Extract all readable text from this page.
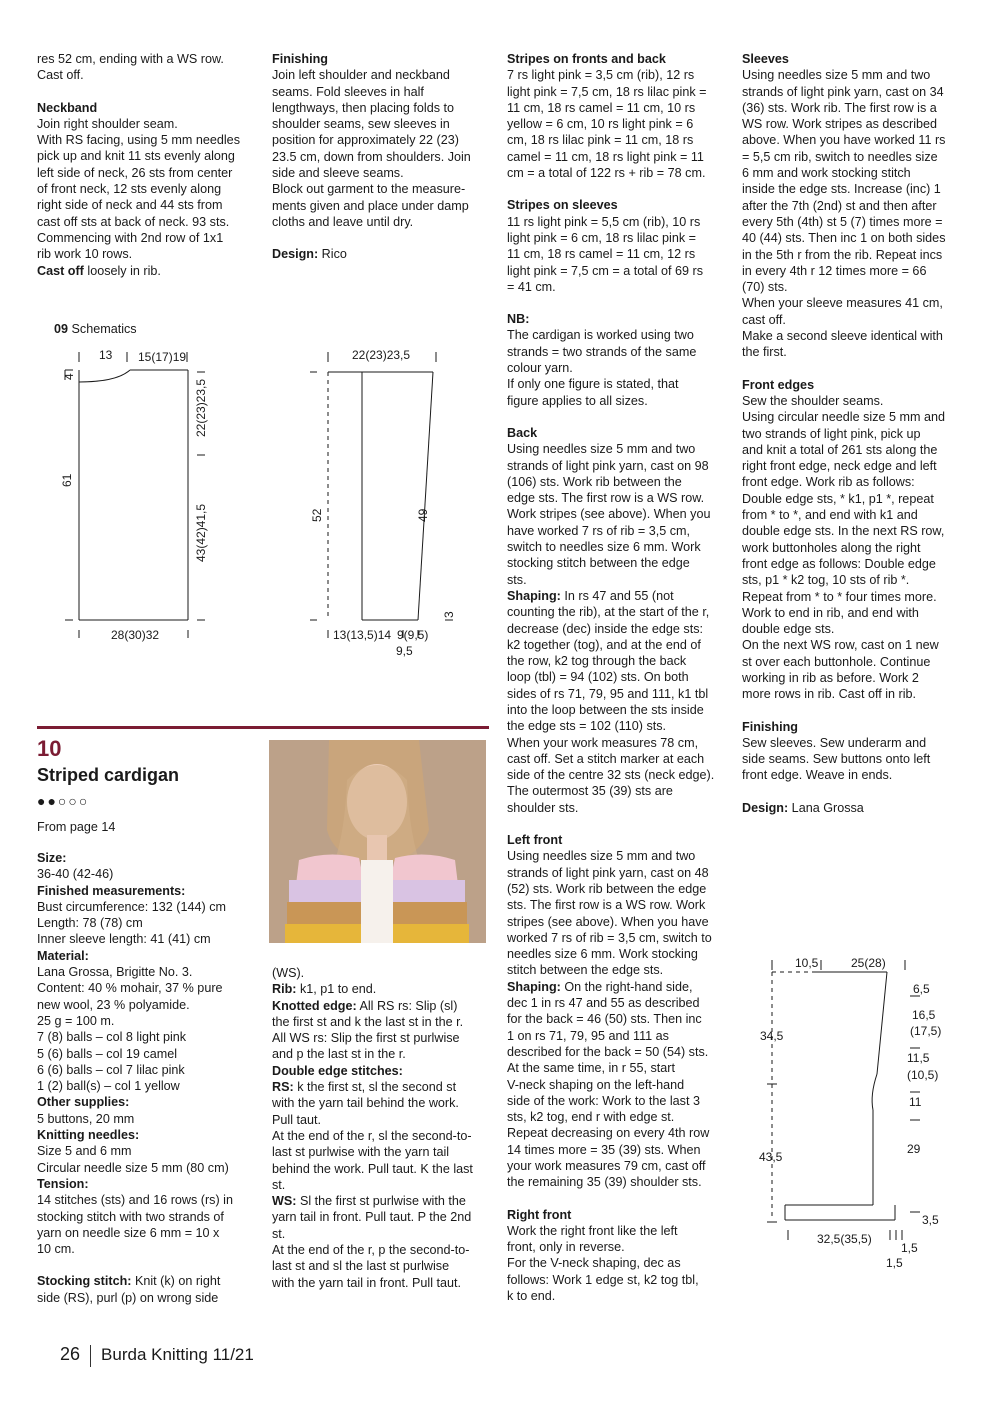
res 52 cm, ending with a WS row.

Cast off.

Neckband

Join right shoulder seam.

With RS facing, using 5 mm needles

pick up and knit 11 sts evenly along

left side of neck, 26 sts from center

of front neck, 12 sts evenly along

right side of neck and 44 sts from

cast off sts at back of neck. 93 sts.

Commencing with 2nd row of 1x1

rib work 10 rows.

Cast off loosely in rib.

Finishing

Join left shoulder and neckband

seams. Fold sleeves in half

lengthways, then placing folds to

shoulder seams, sew sleeves in

position for approximately 22 (23)

23.5 cm, down from shoulders. Join

side and sleeve seams.

Block out garment to the measure-

ments given and place under damp

cloths and leave until dry.

Design: Rico

09 Schematics
13 15(17)19
4
61
22(23)23,5
43(42)41,5
28(30)32
22(23)23,5
52	49
3
13(13,5)14 9(9,5)
9,5
10
Striped cardigan
●●○○○
From page 14

Size:

36-40 (42-46)

Finished measurements:

Bust circumference: 132 (144) cm

Length: 78 (78) cm

Inner sleeve length: 41 (41) cm

Material:

Lana Grossa, Brigitte No. 3.

Content: 40 % mohair, 37 % pure

new wool, 23 % polyamide.

25 g = 100 m.

7 (8) balls – col 8 light pink

5 (6) balls – col 19 camel

6 (6) balls – col 7 lilac pink

1 (2) ball(s) – col 1 yellow

Other supplies:

5 buttons, 20 mm

Knitting needles:

Size 5 and 6 mm

Circular needle size 5 mm (80 cm)

Tension:

14 stitches (sts) and 16 rows (rs) in

stocking stitch with two strands of

yarn on needle size 6 mm = 10 x

10 cm.

Stocking stitch: Knit (k) on right

side (RS), purl (p) on wrong side

(WS).

Rib: k1, p1 to end.

Knotted edge: All RS rs: Slip (sl)

the first st and k the last st in the r.

All WS rs: Slip the first st purlwise

and p the last st in the r.

Double edge stitches:

RS: k the first st, sl the second st

with the yarn tail behind the work.

Pull taut.

At the end of the r, sl the second-to-

last st purlwise with the yarn tail

behind the work. Pull taut. K the last

st.

WS: Sl the first st purlwise with the

yarn tail in front. Pull taut. P the 2nd

st.

At the end of the r, p the second-to-

last st and sl the last st purlwise

with the yarn tail in front. Pull taut.

Stripes on fronts and back

7 rs light pink = 3,5 cm (rib), 12 rs

light pink = 7,5 cm, 18 rs lilac pink =

11 cm, 18 rs camel = 11 cm, 10 rs

yellow = 6 cm, 10 rs light pink = 6

cm, 18 rs lilac pink = 11 cm, 18 rs

camel = 11 cm, 18 rs light pink = 11

cm = a total of 122 rs + rib = 78 cm.

Stripes on sleeves

11 rs light pink = 5,5 cm (rib), 10 rs

light pink = 6 cm, 18 rs lilac pink =

11 cm, 18 rs camel = 11 cm, 12 rs

light pink = 7,5 cm = a total of 69 rs

= 41 cm.

NB:

The cardigan is worked using two

strands = two strands of the same

colour yarn.

If only one figure is stated, that

figure applies to all sizes.

Back

Using needles size 5 mm and two

strands of light pink yarn, cast on 98

(106) sts. Work rib between the

edge sts. The first row is a WS row.

Work stripes (see above). When you

have worked 7 rs of rib = 3,5 cm,

switch to needles size 6 mm. Work

stocking stitch between the edge

sts.

Shaping: In rs 47 and 55 (not

counting the rib), at the start of the r,

decrease (dec) inside the edge sts:

k2 together (tog), and at the end of

the row, k2 tog through the back

loop (tbl) = 94 (102) sts. On both

sides of rs 71, 79, 95 and 111, k1 tbl

into the loop between the sts inside

the edge sts = 102 (110) sts.

When your work measures 78 cm,

cast off. Set a stitch marker at each

side of the centre 32 sts (neck edge).

The outermost 35 (39) sts are

shoulder sts.

Left front

Using needles size 5 mm and two

strands of light pink yarn, cast on 48

(52) sts. Work rib between the edge

sts. The first row is a WS row. Work

stripes (see above). When you have

worked 7 rs of rib = 3,5 cm, switch to

needles size 6 mm. Work stocking

stitch between the edge sts.

Shaping: On the right-hand side,

dec 1 in rs 47 and 55 as described

for the back = 46 (50) sts. Then inc

1 on rs 71, 79, 95 and 111 as

described for the back = 50 (54) sts.

At the same time, in r 55, start

V-neck shaping on the left-hand

side of the work: Work to the last 3

sts, k2 tog, end r with edge st.

Repeat decreasing on every 4th row

14 times more = 35 (39) sts. When

your work measures 79 cm, cast off

the remaining 35 (39) shoulder sts.

Right front

Work the right front like the left

front, only in reverse.

For the V-neck shaping, dec as

follows: Work 1 edge st, k2 tog tbl,

k to end.

Sleeves

Using needles size 5 mm and two

strands of light pink yarn, cast on 34

(36) sts. Work rib. The first row is a

WS row. Work stripes as described

above. When you have worked 11 rs

= 5,5 cm rib, switch to needles size

6 mm and work stocking stitch

inside the edge sts. Increase (inc) 1

after the 7th (2nd) st and then after

every 5th (4th) st 5 (7) times more =

40 (44) sts. Then inc 1 on both sides

in the 5th r from the rib. Repeat incs

in every 4th r 12 times more = 66

(70) sts.

When your sleeve measures 41 cm,

cast off.

Make a second sleeve identical with

the first.

Front edges

Sew the shoulder seams.

Using circular needle size 5 mm and

two strands of light pink, pick up

and knit a total of 261 sts along the

right front edge, neck edge and left

front edge. Work rib as follows:

Double edge sts, * k1, p1 *, repeat

from * to *, and end with k1 and

double edge sts. In the next RS row,

work buttonholes along the right

front edge as follows: Double edge

sts, p1 * k2 tog, 10 sts of rib *.

Repeat from * to * four times more.

Work to end in rib, and end with

double edge sts.

On the next WS row, cast on 1 new

st over each buttonhole. Continue

working in rib as before. Work 2

more rows in rib. Cast off in rib.

Finishing

Sew sleeves. Sew underarm and

side seams. Sew buttons onto left

front edge. Weave in ends.

Design: Lana Grossa

10,5	25(28)
6,5
16,5
(17,5)
11,5
(10,5)
11
29
3,5
34,5
43,5
32,5(35,5)
1,5
1,5
26 Burda Knitting 11/21
